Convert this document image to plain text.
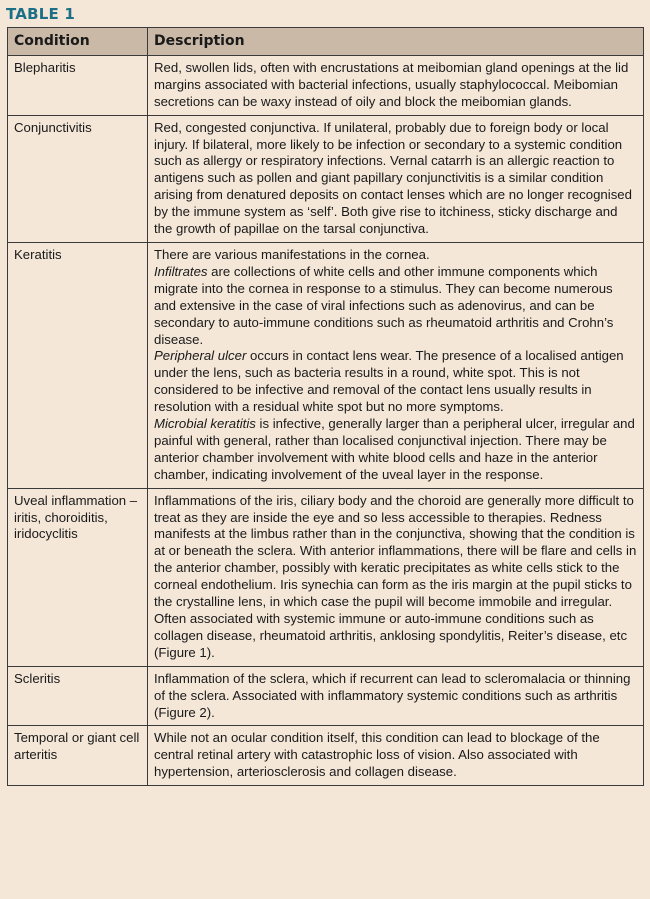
TABLE 1
Condition	Description
Blepharitis	Red, swollen lids, often with encrustations at meibomian gland openings at the lid margins associated with bacterial infections, usually staphylococcal. Meibomian secretions can be waxy instead of oily and block the meibomian glands.
Conjunctivitis	Red, congested conjunctiva. If unilateral, probably due to foreign body or local injury. If bilateral, more likely to be infection or secondary to a systemic condition such as allergy or respiratory infections. Vernal catarrh is an allergic reaction to antigens such as pollen and giant papillary conjunctivitis is a similar condition arising from denatured deposits on contact lenses which are no longer recognised by the immune system as ‘self’. Both give rise to itchiness, sticky discharge and the growth of papillae on the tarsal conjunctiva.
Keratitis	There are various manifestations in the cornea.
Infiltrates are collections of white cells and other immune components which migrate into the cornea in response to a stimulus. They can become numerous and extensive in the case of viral infections such as adenovirus, and can be secondary to auto-immune conditions such as rheumatoid arthritis and Crohn’s disease.
Peripheral ulcer occurs in contact lens wear. The presence of a localised antigen under the lens, such as bacteria results in a round, white spot. This is not considered to be infective and removal of the contact lens usually results in resolution with a residual white spot but no more symptoms.
Microbial keratitis is infective, generally larger than a peripheral ulcer, irregular and painful with general, rather than localised conjunctival injection. There may be anterior chamber involvement with white blood cells and haze in the anterior chamber, indicating involvement of the uveal layer in the response.

Uveal inflammation – iritis, choroiditis, iridocyclitis	Inflammations of the iris, ciliary body and the choroid are generally more difficult to treat as they are inside the eye and so less accessible to therapies. Redness manifests at the limbus rather than in the conjunctiva, showing that the condition is at or beneath the sclera. With anterior inflammations, there will be flare and cells in the anterior chamber, possibly with keratic precipitates as white cells stick to the corneal endothelium. Iris synechia can form as the iris margin at the pupil sticks to the crystalline lens, in which case the pupil will become immobile and irregular. Often associated with systemic immune or auto-immune conditions such as collagen disease, rheumatoid arthritis, anklosing spondylitis, Reiter’s disease, etc (Figure 1).
Scleritis	Inflammation of the sclera, which if recurrent can lead to scleromalacia or thinning of the sclera. Associated with inflammatory systemic conditions such as arthritis (Figure 2).
Temporal or giant cell arteritis	While not an ocular condition itself, this condition can lead to blockage of the central retinal artery with catastrophic loss of vision. Also associated with hypertension, arteriosclerosis and collagen disease.
